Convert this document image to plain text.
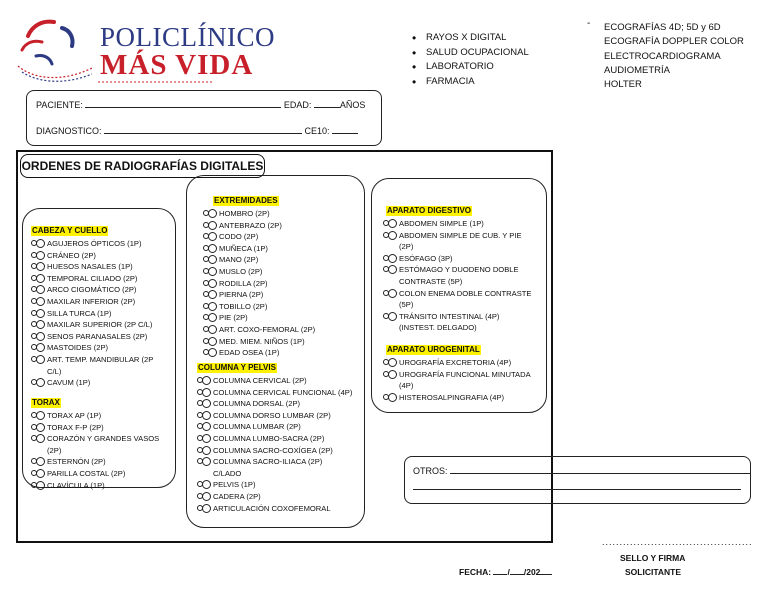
POLICLÍNICO
MÁS VIDA
• RAYOS X DIGITAL
• SALUD OCUPACIONAL
• LABORATORIO
• FARMACIA
- ECOGRAFÍAS 4D; 5D y 6D
ECOGRAFÍA DOPPLER COLOR
ELECTROCARDIOGRAMA
AUDIOMETRÍA
HOLTER
PACIENTE:	EDAD:	AÑOS
DIAGNOSTICO:	CE10:
ORDENES DE RADIOGRAFÍAS DIGITALES
CABEZA Y CUELLO
AGUJEROS ÓPTICOS (1P)
CRÁNEO (2P)
HUESOS NASALES (1P)
TEMPORAL CILIADO (2P)
ARCO CIGOMÁTICO (2P)
MAXILAR INFERIOR (2P)
SILLA TURCA (1P)
MAXILAR SUPERIOR (2P C/L)
SENOS PARANASALES (2P)
MASTOIDES (2P)
ART. TEMP. MANDIBULAR (2P
C/L)
CAVUM (1P)
TORAX
TORAX AP (1P)
TORAX F-P (2P)
CORAZÓN Y GRANDES VASOS
(2P)
ESTERNÓN (2P)
PARILLA COSTAL (2P)
CLAVÍCULA (1P)
EXTREMIDADES
HOMBRO (2P)
ANTEBRAZO (2P)
CODO (2P)
MUÑECA (1P)
MANO (2P)
MUSLO (2P)
RODILLA (2P)
PIERNA (2P)
TOBILLO (2P)
PIE (2P)
ART. COXO-FEMORAL (2P)
MED. MIEM. NIÑOS (1P)
EDAD OSEA (1P)
COLUMNA Y PELVIS
COLUMNA CERVICAL (2P)
COLUMNA CERVICAL FUNCIONAL (4P)
COLUMNA DORSAL (2P)
COLUMNA DORSO LUMBAR (2P)
COLUMNA LUMBAR (2P)
COLUMNA LUMBO-SACRA (2P)
COLUMNA SACRO-COXÍGEA (2P)
COLUMNA SACRO-ILIACA (2P)
C/LADO
PELVIS (1P)
CADERA (2P)
ARTICULACIÓN COXOFEMORAL
APARATO DIGESTIVO
ABDOMEN SIMPLE (1P)
ABDOMEN SIMPLE DE CUB. Y PIE
(2P)
ESÓFAGO (3P)
ESTÓMAGO Y DUODENO DOBLE
CONTRASTE (5P)
COLON ENEMA DOBLE CONTRASTE
(5P)
TRÁNSITO INTESTINAL (4P)
(INSTEST. DELGADO)
APARATO UROGENITAL
UROGRAFÍA EXCRETORIA (4P)
UROGRAFÍA FUNCIONAL MINUTADA
(4P)
HISTEROSALPINGRAFIA (4P)
OTROS:
...........................................
SELLO Y FIRMA
SOLICITANTE
FECHA: / /202
